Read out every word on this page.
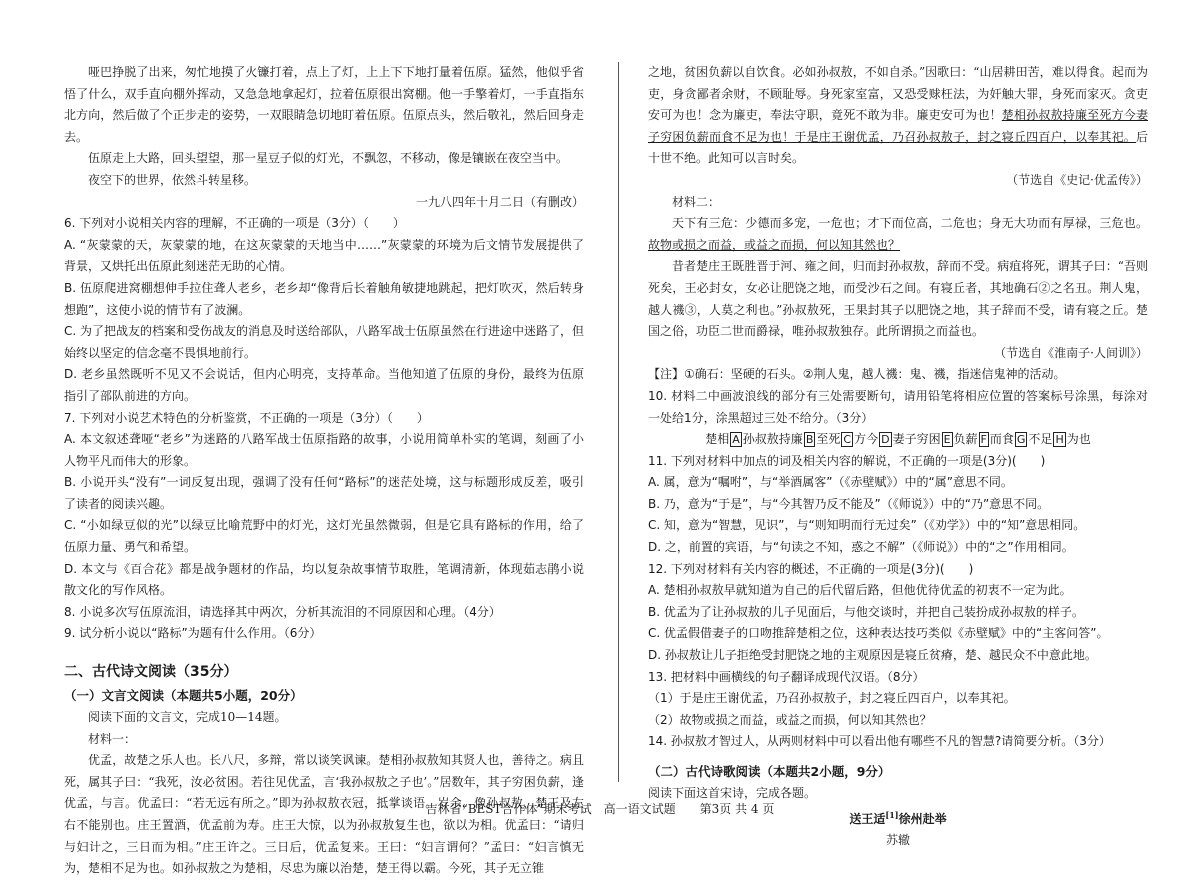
哑巴挣脱了出来，匆忙地摸了火镰打着，点上了灯，上上下下地打量着伍原。猛然，他似乎省悟了什么，双手直向棚外挥动，又急急地拿起灯，拉着伍原很出窝棚。他一手擎着灯，一手直指东北方向，然后做了个正步走的姿势，一双眼睛急切地盯着伍原。伍原点头，然后敬礼，然后回身走去。

伍原走上大路，回头望望，那一星豆子似的灯光，不飘忽，不移动，像是镶嵌在夜空当中。

夜空下的世界，依然斗转星移。

一九八四年十月二日（有删改）

6. 下列对小说相关内容的理解，不正确的一项是（3分）（　　）

A. “灰蒙蒙的天，灰蒙蒙的地，在这灰蒙蒙的天地当中……”灰蒙蒙的环境为后文情节发展提供了背景，又烘托出伍原此刻迷茫无助的心情。

B. 伍原爬进窝棚想伸手拉住聋人老乡，老乡却“像背后长着触角敏捷地跳起，把灯吹灭，然后转身想跑”，这使小说的情节有了波澜。

C. 为了把战友的档案和受伤战友的消息及时送给部队，八路军战士伍原虽然在行进途中迷路了，但始终以坚定的信念毫不畏惧地前行。

D. 老乡虽然既听不见又不会说话，但内心明亮，支持革命。当他知道了伍原的身份，最终为伍原指引了部队前进的方向。

7. 下列对小说艺术特色的分析鉴赏，不正确的一项是（3分）（　　）

A. 本文叙述聋哑“老乡”为迷路的八路军战士伍原指路的故事，小说用简单朴实的笔调，刻画了小人物平凡而伟大的形象。

B. 小说开头“没有”一词反复出现，强调了没有任何“路标”的迷茫处境，这与标题形成反差，吸引了读者的阅读兴趣。

C. “小如绿豆似的光”以绿豆比喻荒野中的灯光，这灯光虽然微弱，但是它具有路标的作用，给了伍原力量、勇气和希望。

D. 本文与《百合花》都是战争题材的作品，均以复杂故事情节取胜，笔调清新，体现茹志鹃小说散文化的写作风格。

8. 小说多次写伍原流泪，请选择其中两次，分析其流泪的不同原因和心理。（4分）

9. 试分析小说以“路标”为题有什么作用。（6分）

二、古代诗文阅读（35分）

（一）文言文阅读（本题共5小题，20分）

阅读下面的文言文，完成10—14题。

材料一：

优孟，故楚之乐人也。长八尺，多辩，常以谈笑讽谏。楚相孙叔敖知其贤人也，善待之。病且死，属其子曰：“我死，汝必贫困。若往见优孟，言‘我孙叔敖之子也’。”居数年，其子穷困负薪，逢优孟，与言。优孟曰：“若无远有所之。”即为孙叔敖衣冠，抵掌谈语。岁余，像孙叔敖，楚王及左右不能别也。庄王置酒，优孟前为寿。庄王大惊，以为孙叔敖复生也，欲以为相。优孟曰：“请归与妇计之，三日而为相。”庄王许之。三日后，优孟复来。王曰：“妇言谓何？”孟曰：“妇言慎无为，楚相不足为也。如孙叔敖之为楚相，尽忠为廉以治楚，楚王得以霸。今死，其子无立锥

之地，贫困负薪以自饮食。必如孙叔敖，不如自杀。”因歌曰：“山居耕田苦，难以得食。起而为吏，身贪鄙者余财，不顾耻辱。身死家室富，又恐受赇枉法，为奸触大罪，身死而家灭。贪吏安可为也！念为廉吏，奉法守职，竟死不敢为非。廉吏安可为也！楚相孙叔敖持廉至死方今妻子穷困负薪而食不足为也！于是庄王谢优孟，乃召孙叔敖子，封之寝丘四百户，以奉其祀。后十世不绝。此知可以言时矣。

（节选自《史记·优孟传》）

材料二：

天下有三危：少德而多宠，一危也；才下而位高，二危也；身无大功而有厚禄，三危也。故物或损之而益，或益之而损，何以知其然也？

昔者楚庄王既胜晋于河、雍之间，归而封孙叔敖，辞而不受。病疽将死，谓其子曰：“吾则死矣，王必封女，女必让肥饶之地，而受沙石之间。有寝丘者，其地确石②之名丑。荆人鬼，越人禨③，人莫之利也。”孙叔敖死，王果封其子以肥饶之地，其子辞而不受，请有寝之丘。楚国之俗，功臣二世而爵禄，唯孙叔敖独存。此所谓损之而益也。

（节选自《淮南子·人间训》）

【注】①确石：坚硬的石头。②荆人鬼，越人禨：鬼、禨，指迷信鬼神的活动。

10. 材料二中画波浪线的部分有三处需要断句，请用铅笔将相应位置的答案标号涂黑，每涂对一处给1分，涂黑超过三处不给分。（3分）

楚相 A 孙叔敖持廉 B 至死 C 方今 D 妻子穷困 E 负薪 F 而食 G 不足 H 为也

11. 下列对材料中加点的词及相关内容的解说，不正确的一项是(3分)(　　)

A. 属，意为“嘱咐”，与“举酒属客”（《赤壁赋》）中的“属”意思不同。

B. 乃，意为“于是”，与“今其智乃反不能及”（《师说》）中的“乃”意思不同。

C. 知，意为“智慧，见识”，与“则知明而行无过矣”（《劝学》）中的“知”意思相同。

D. 之，前置的宾语，与“句读之不知，惑之不解”（《师说》）中的“之”作用相同。

12. 下列对材料有关内容的概述，不正确的一项是(3分)(　　)

A. 楚相孙叔敖早就知道为自己的后代留后路，但他优待优孟的初衷不一定为此。

B. 优孟为了让孙叔敖的儿子见面后，与他交谈时，并把自己装扮成孙叔敖的样子。

C. 优孟假借妻子的口吻推辞楚相之位，这种表达技巧类似《赤壁赋》中的“主客问答”。

D. 孙叔敖让儿子拒绝受封肥饶之地的主观原因是寝丘贫瘠，楚、越民众不中意此地。

13. 把材料中画横线的句子翻译成现代汉语。（8分）

（1）于是庄王谢优孟，乃召孙叔敖子，封之寝丘四百户，以奉其祀。

（2）故物或损之而益，或益之而损，何以知其然也？

14. 孙叔敖才智过人，从两则材料中可以看出他有哪些不凡的智慧?请简要分析。（3分）

（二）古代诗歌阅读（本题共2小题，9分）

阅读下面这首宋诗，完成各题。

送王适[1]徐州赴举

苏辙

吉林省“BEST合作体”期末考试　高一语文试题　　第3页 共 4 页
